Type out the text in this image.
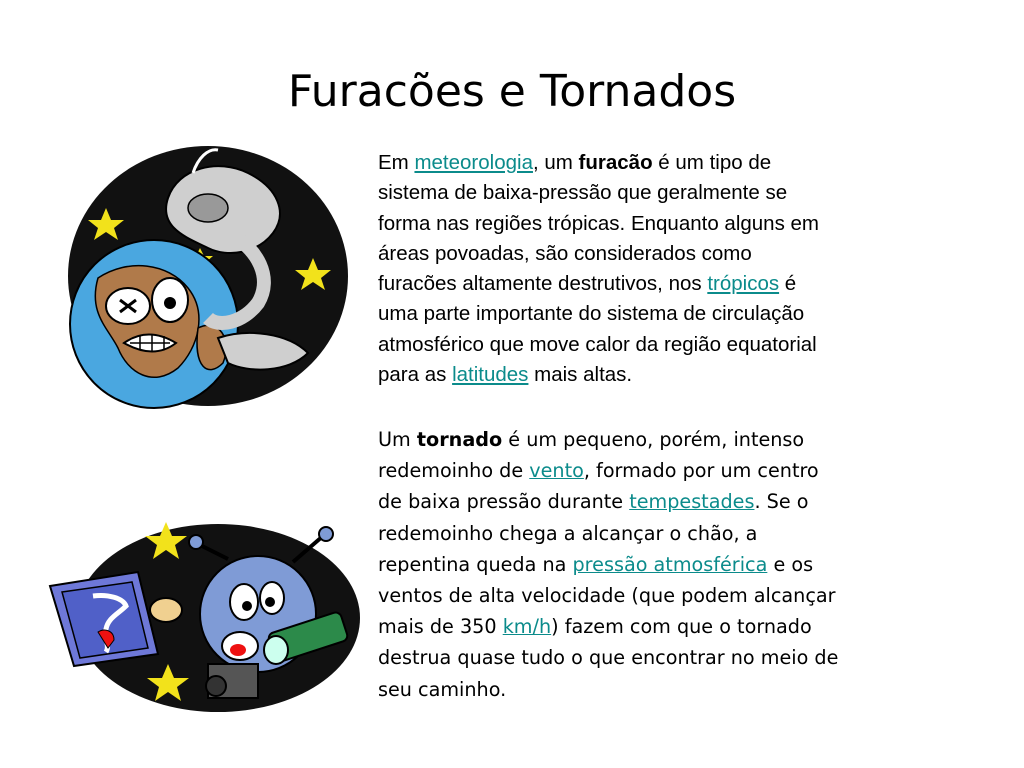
Furacões e Tornados
Em meteorologia, um furacão é um tipo de
sistema de baixa-pressão que geralmente se
forma nas regiões trópicas. Enquanto alguns em
áreas povoadas, são considerados como
furacões altamente destrutivos, nos trópicos é
uma parte importante do sistema de circulação
atmosférico que move calor da região equatorial
para as latitudes mais altas.
Um tornado é um pequeno, porém, intenso
redemoinho de vento, formado por um centro
de baixa pressão durante tempestades. Se o
redemoinho chega a alcançar o chão, a
repentina queda na pressão atmosférica e os
ventos de alta velocidade (que podem alcançar
mais de 350 km/h) fazem com que o tornado
destrua quase tudo o que encontrar no meio de
seu caminho.
